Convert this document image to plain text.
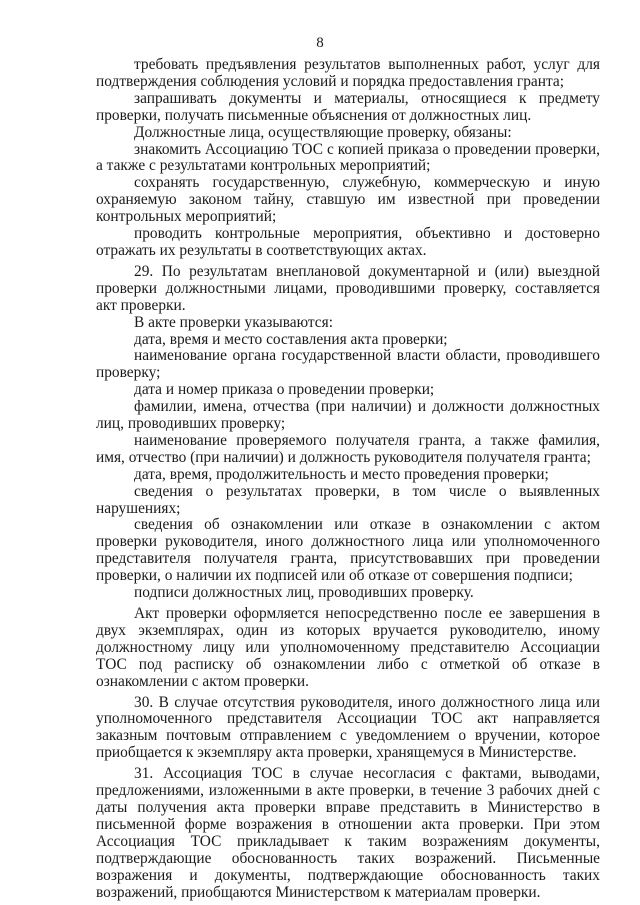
8

требовать предъявления результатов выполненных работ, услуг для подтверждения соблюдения условий и порядка предоставления гранта;

запрашивать документы и материалы, относящиеся к предмету проверки, получать письменные объяснения от должностных лиц.

Должностные лица, осуществляющие проверку, обязаны:

знакомить Ассоциацию ТОС с копией приказа о проведении проверки, а также с результатами контрольных мероприятий;

сохранять государственную, служебную, коммерческую и иную охраняемую законом тайну, ставшую им известной при проведении контрольных мероприятий;

проводить контрольные мероприятия, объективно и достоверно отражать их результаты в соответствующих актах.

29. По результатам внеплановой документарной и (или) выездной проверки должностными лицами, проводившими проверку, составляется акт проверки.

В акте проверки указываются:

дата, время и место составления акта проверки;

наименование органа государственной власти области, проводившего проверку;

дата и номер приказа о проведении проверки;

фамилии, имена, отчества (при наличии) и должности должностных лиц, проводивших проверку;

наименование проверяемого получателя гранта, а также фамилия, имя, отчество (при наличии) и должность руководителя получателя гранта;

дата, время, продолжительность и место проведения проверки;

сведения о результатах проверки, в том числе о выявленных нарушениях;

сведения об ознакомлении или отказе в ознакомлении с актом проверки руководителя, иного должностного лица или уполномоченного представителя получателя гранта, присутствовавших при проведении проверки, о наличии их подписей или об отказе от совершения подписи;

подписи должностных лиц, проводивших проверку.

Акт проверки оформляется непосредственно после ее завершения в двух экземплярах, один из которых вручается руководителю, иному должностному лицу или уполномоченному представителю Ассоциации ТОС под расписку об ознакомлении либо с отметкой об отказе в ознакомлении с актом проверки.

30. В случае отсутствия руководителя, иного должностного лица или уполномоченного представителя Ассоциации ТОС акт направляется заказным почтовым отправлением с уведомлением о вручении, которое приобщается к экземпляру акта проверки, хранящемуся в Министерстве.

31. Ассоциация ТОС в случае несогласия с фактами, выводами, предложениями, изложенными в акте проверки, в течение 3 рабочих дней с даты получения акта проверки вправе представить в Министерство в письменной форме возражения в отношении акта проверки. При этом Ассоциация ТОС прикладывает к таким возражениям документы, подтверждающие обоснованность таких возражений. Письменные возражения и документы, подтверждающие обоснованность таких возражений, приобщаются Министерством к материалам проверки.
